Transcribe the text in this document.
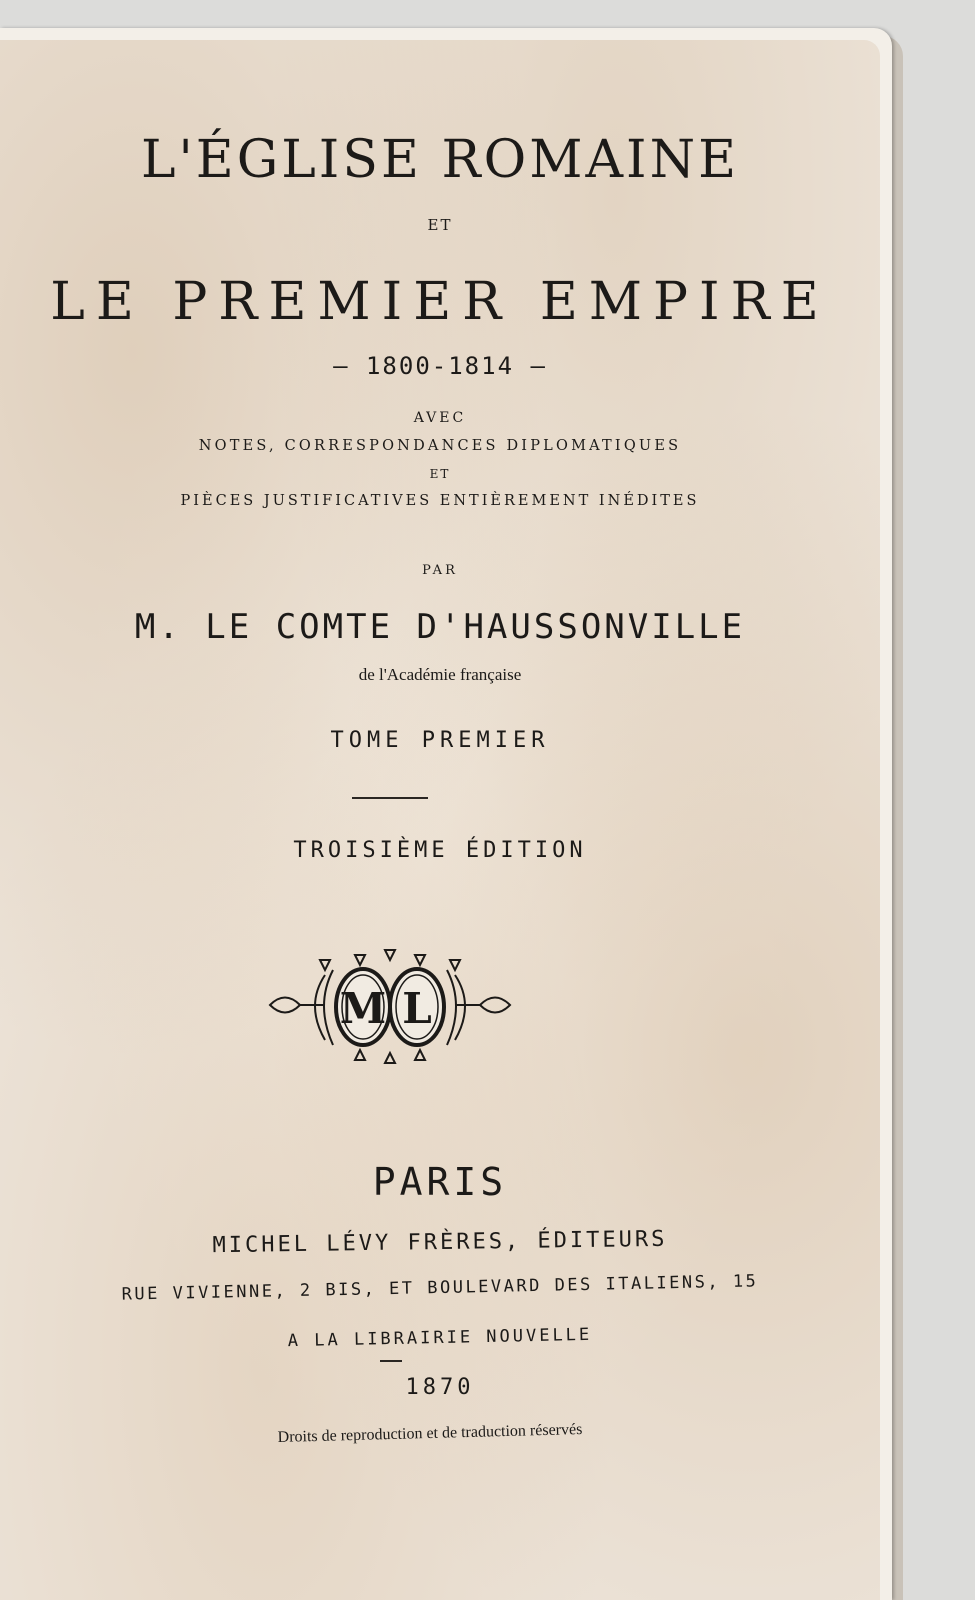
L'ÉGLISE ROMAINE
ET
LE PREMIER EMPIRE
— 1800-1814 —
AVEC
NOTES, CORRESPONDANCES DIPLOMATIQUES
ET
PIÈCES JUSTIFICATIVES ENTIÈREMENT INÉDITES
PAR
M. LE COMTE D'HAUSSONVILLE
de l'Académie française
TOME PREMIER
TROISIÈME ÉDITION
M L
PARIS
MICHEL LÉVY FRÈRES, ÉDITEURS
RUE VIVIENNE, 2 BIS, ET BOULEVARD DES ITALIENS, 15
A LA LIBRAIRIE NOUVELLE
1870
Droits de reproduction et de traduction réservés
